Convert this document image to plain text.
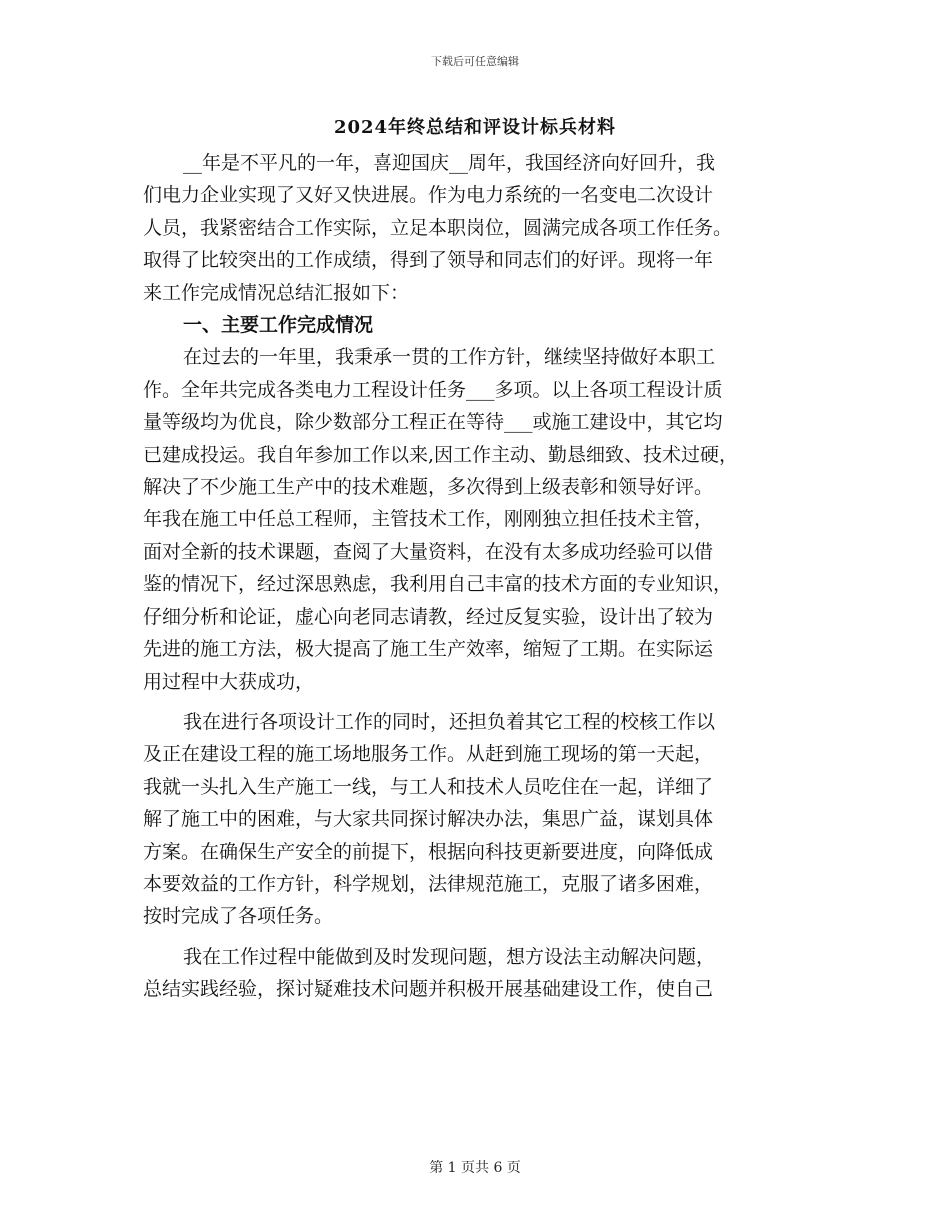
下载后可任意编辑
2024年终总结和评设计标兵材料
__年是不平凡的一年，喜迎国庆__周年，我国经济向好回升，我
们电力企业实现了又好又快进展。作为电力系统的一名变电二次设计
人员，我紧密结合工作实际，立足本职岗位，圆满完成各项工作任务。
取得了比较突出的工作成绩，得到了领导和同志们的好评。现将一年
来工作完成情况总结汇报如下：
一、主要工作完成情况
在过去的一年里，我秉承一贯的工作方针，继续坚持做好本职工
作。全年共完成各类电力工程设计任务___多项。以上各项工程设计质
量等级均为优良，除少数部分工程正在等待___或施工建设中，其它均
已建成投运。我自年参加工作以来,因工作主动、勤恳细致、技术过硬，
解决了不少施工生产中的技术难题，多次得到上级表彰和领导好评。
年我在施工中任总工程师，主管技术工作，刚刚独立担任技术主管，
面对全新的技术课题，查阅了大量资料，在没有太多成功经验可以借
鉴的情况下，经过深思熟虑，我利用自己丰富的技术方面的专业知识，
仔细分析和论证，虚心向老同志请教，经过反复实验，设计出了较为
先进的施工方法，极大提高了施工生产效率，缩短了工期。在实际运
用过程中大获成功，
我在进行各项设计工作的同时，还担负着其它工程的校核工作以
及正在建设工程的施工场地服务工作。从赶到施工现场的第一天起，
我就一头扎入生产施工一线，与工人和技术人员吃住在一起，详细了
解了施工中的困难，与大家共同探讨解决办法，集思广益，谋划具体
方案。在确保生产安全的前提下，根据向科技更新要进度，向降低成
本要效益的工作方针，科学规划，法律规范施工，克服了诸多困难，
按时完成了各项任务。
我在工作过程中能做到及时发现问题，想方设法主动解决问题，
总结实践经验，探讨疑难技术问题并积极开展基础建设工作，使自己
第 1 页共 6 页
